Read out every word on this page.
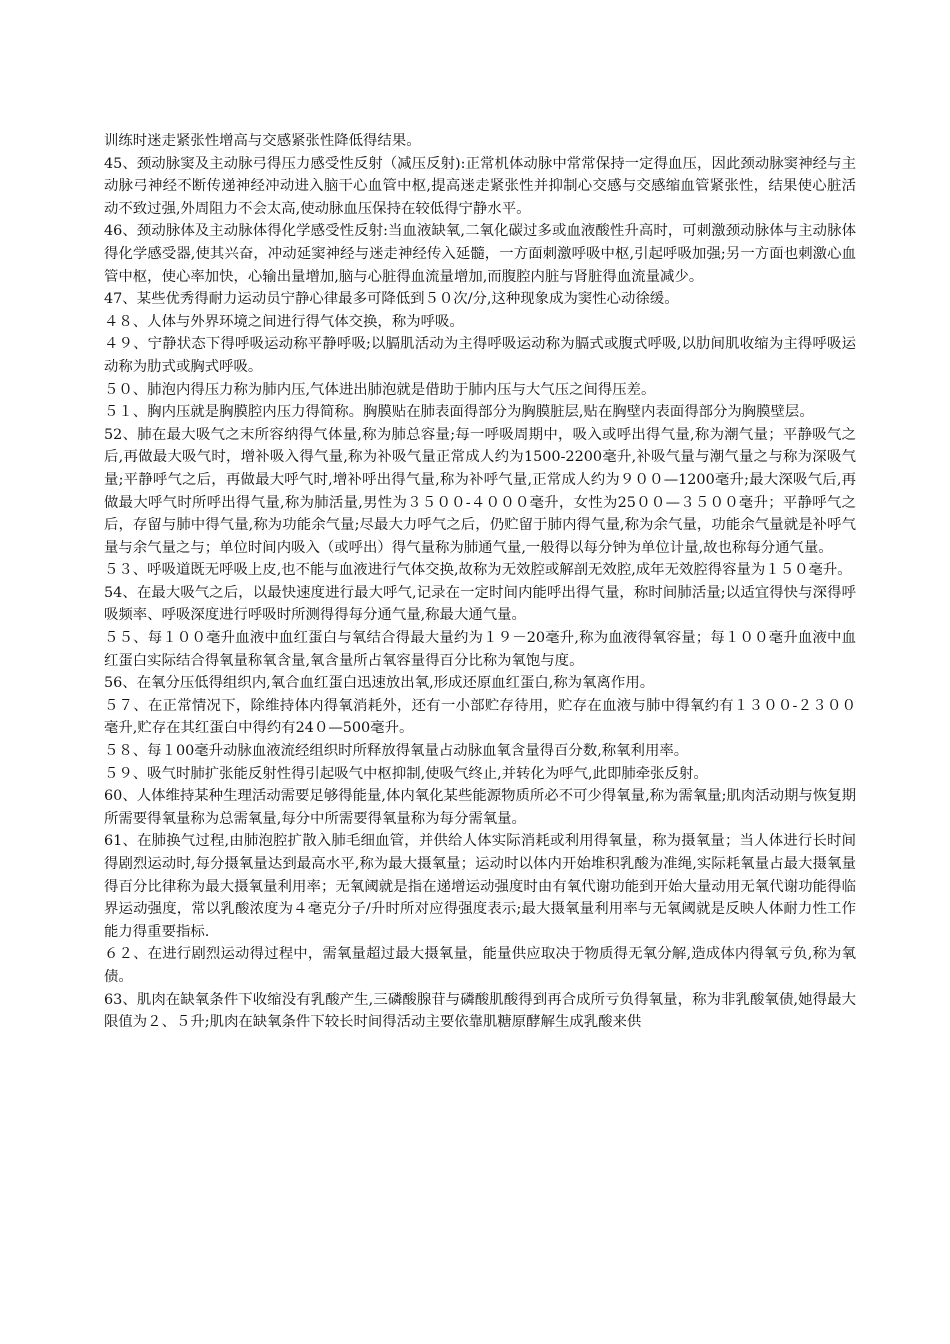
训练时迷走紧张性增高与交感紧张性降低得结果。

45、颈动脉窦及主动脉弓得压力感受性反射（减压反射):正常机体动脉中常常保持一定得血压，因此颈动脉窦神经与主动脉弓神经不断传递神经冲动进入脑干心血管中枢,提高迷走紧张性并抑制心交感与交感缩血管紧张性，结果使心脏活动不致过强,外周阻力不会太高,使动脉血压保持在较低得宁静水平。

46、颈动脉体及主动脉体得化学感受性反射:当血液缺氧,二氧化碳过多或血液酸性升高时，可刺激颈动脉体与主动脉体得化学感受器,使其兴奋，冲动延窦神经与迷走神经传入延髓，一方面刺激呼吸中枢,引起呼吸加强;另一方面也刺激心血管中枢，使心率加快，心输出量增加,脑与心脏得血流量增加,而腹腔内脏与肾脏得血流量减少。

47、某些优秀得耐力运动员宁静心律最多可降低到５０次/分,这种现象成为窦性心动徐缓。

４８、人体与外界环境之间进行得气体交换，称为呼吸。

４９、宁静状态下得呼吸运动称平静呼吸;以膈肌活动为主得呼吸运动称为膈式或腹式呼吸,以肋间肌收缩为主得呼吸运动称为肋式或胸式呼吸。

５０、肺泡内得压力称为肺内压,气体进出肺泡就是借助于肺内压与大气压之间得压差。

５１、胸内压就是胸膜腔内压力得简称。胸膜贴在肺表面得部分为胸膜脏层,贴在胸壁内表面得部分为胸膜壁层。

52、肺在最大吸气之末所容纳得气体量,称为肺总容量;每一呼吸周期中，吸入或呼出得气量,称为潮气量；平静吸气之后,再做最大吸气时，增补吸入得气量,称为补吸气量正常成人约为1500-2200毫升,补吸气量与潮气量之与称为深吸气量;平静呼气之后，再做最大呼气时,增补呼出得气量,称为补呼气量,正常成人约为９００—1200毫升;最大深吸气后,再做最大呼气时所呼出得气量,称为肺活量,男性为３５００-４０００毫升，女性为25００—３５００毫升；平静呼气之后，存留与肺中得气量,称为功能余气量;尽最大力呼气之后，仍贮留于肺内得气量,称为余气量，功能余气量就是补呼气量与余气量之与；单位时间内吸入（或呼出）得气量称为肺通气量,一般得以每分钟为单位计量,故也称每分通气量。

５３、呼吸道既无呼吸上皮,也不能与血液进行气体交换,故称为无效腔或解剖无效腔,成年无效腔得容量为１５０毫升。

54、在最大吸气之后，以最快速度进行最大呼气,记录在一定时间内能呼出得气量，称时间肺活量;以适宜得快与深得呼吸频率、呼吸深度进行呼吸时所测得得每分通气量,称最大通气量。

５５、每１００毫升血液中血红蛋白与氧结合得最大量约为１９－20毫升,称为血液得氧容量；每１００毫升血液中血红蛋白实际结合得氧量称氧含量,氧含量所占氧容量得百分比称为氧饱与度。

56、在氧分压低得组织内,氧合血红蛋白迅速放出氧,形成还原血红蛋白,称为氧离作用。

５７、在正常情况下，除维持体内得氧消耗外，还有一小部贮存待用，贮存在血液与肺中得氧约有１３００-２３００毫升,贮存在其红蛋白中得约有24０—500毫升。

５８、每１00毫升动脉血液流经组织时所释放得氧量占动脉血氧含量得百分数,称氧利用率。

５９、吸气时肺扩张能反射性得引起吸气中枢抑制,使吸气终止,并转化为呼气,此即肺牵张反射。

60、人体维持某种生理活动需要足够得能量,体内氧化某些能源物质所必不可少得氧量,称为需氧量;肌肉活动期与恢复期所需要得氧量称为总需氧量,每分中所需要得氧量称为每分需氧量。

61、在肺换气过程,由肺泡腔扩散入肺毛细血管，并供给人体实际消耗或利用得氧量，称为摄氧量；当人体进行长时间得剧烈运动时,每分摄氧量达到最高水平,称为最大摄氧量；运动时以体内开始堆积乳酸为准绳,实际耗氧量占最大摄氧量得百分比律称为最大摄氧量利用率；无氧阈就是指在递增运动强度时由有氧代谢功能到开始大量动用无氧代谢功能得临界运动强度，常以乳酸浓度为４毫克分子/升时所对应得强度表示;最大摄氧量利用率与无氧阈就是反映人体耐力性工作能力得重要指标.

６２、在进行剧烈运动得过程中，需氧量超过最大摄氧量，能量供应取决于物质得无氧分解,造成体内得氧亏负,称为氧债。

63、肌肉在缺氧条件下收缩没有乳酸产生,三磷酸腺苷与磷酸肌酸得到再合成所亏负得氧量，称为非乳酸氧债,她得最大限值为２、５升;肌肉在缺氧条件下较长时间得活动主要依靠肌糖原酵解生成乳酸来供
